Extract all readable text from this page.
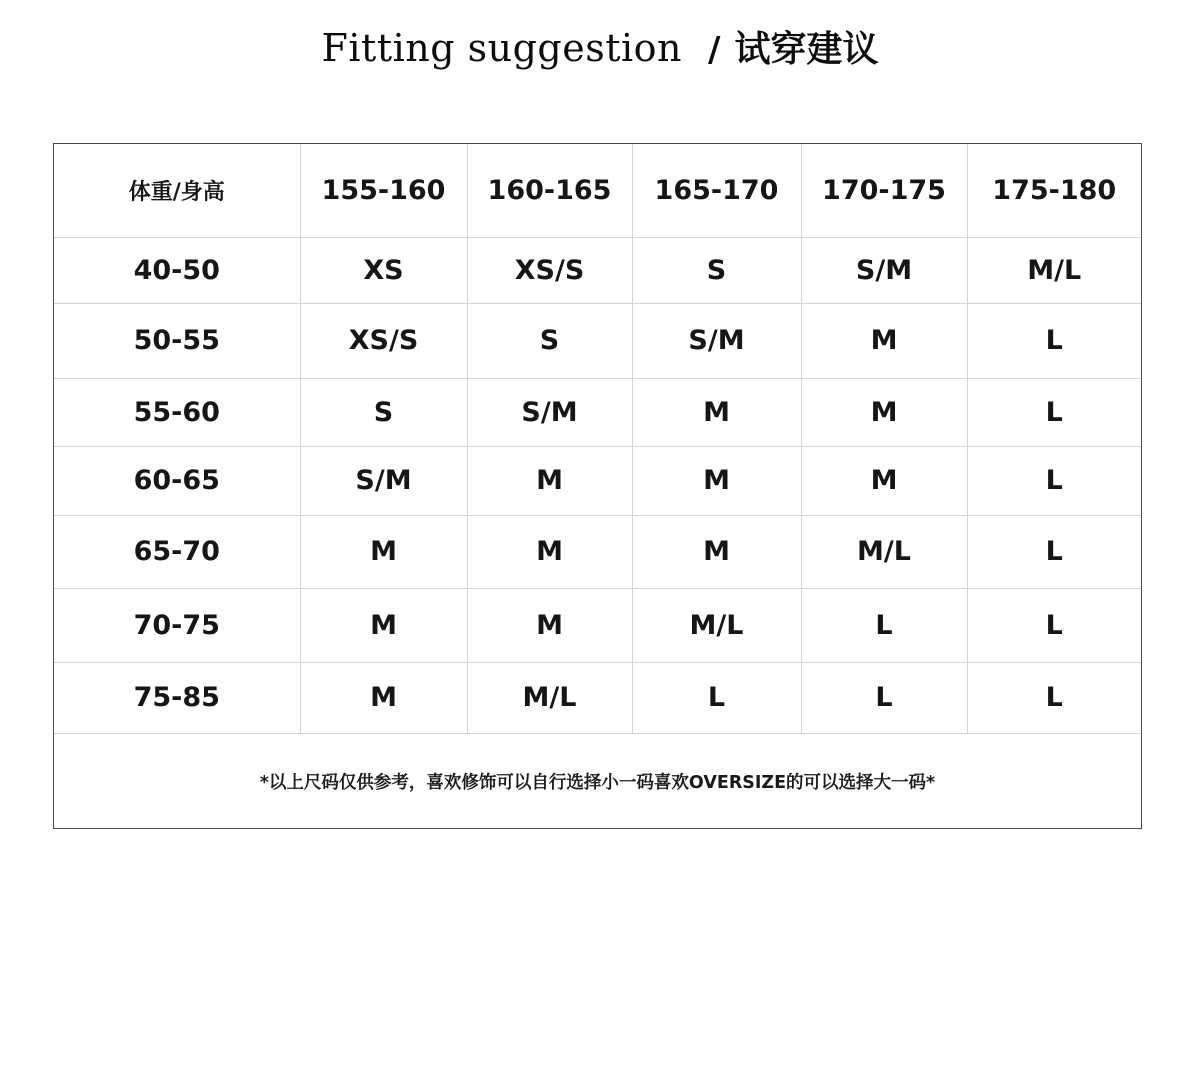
Fitting suggestion / 试穿建议
体重/身高	155-160	160-165	165-170	170-175	175-180
40-50	XS	XS/S	S	S/M	M/L
50-55	XS/S	S	S/M	M	L
55-60	S	S/M	M	M	L
60-65	S/M	M	M	M	L
65-70	M	M	M	M/L	L
70-75	M	M	M/L	L	L
75-85	M	M/L	L	L	L
*以上尺码仅供参考，喜欢修饰可以自行选择小一码喜欢OVERSIZE的可以选择大一码*
